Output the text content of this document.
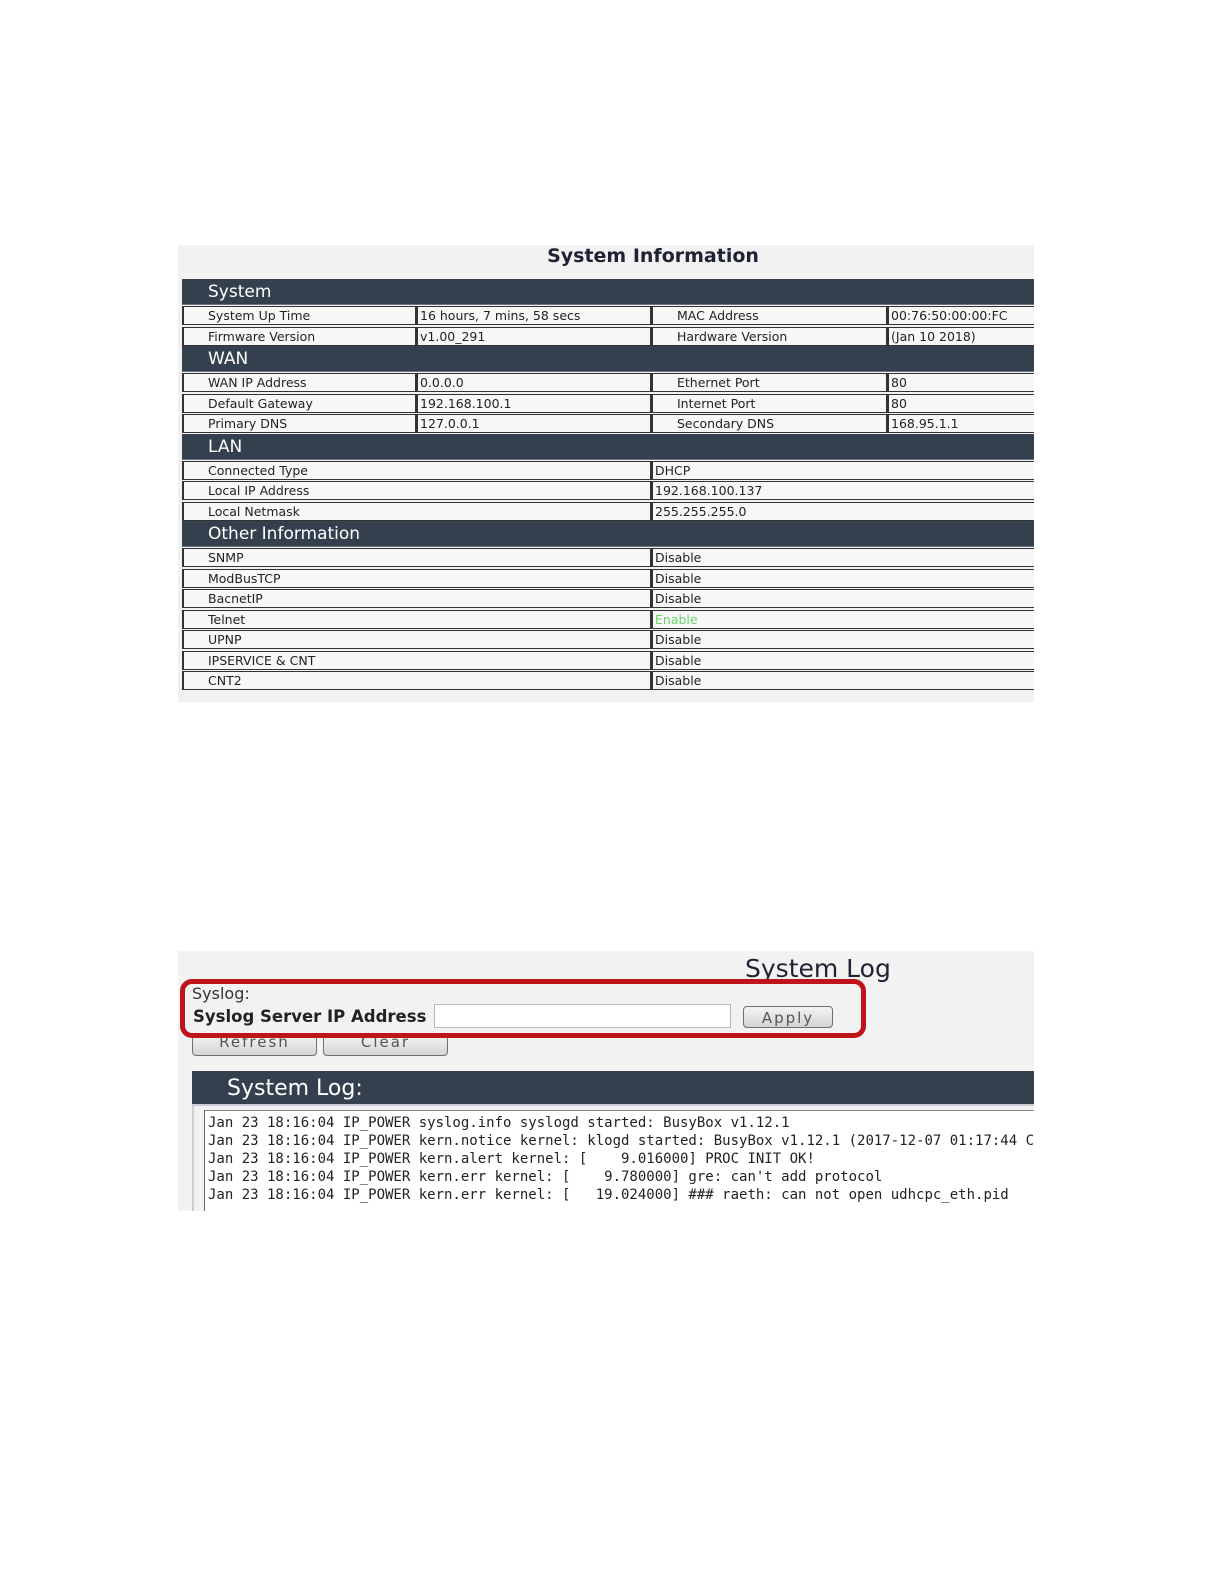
System Information
System
System Up Time	16 hours, 7 mins, 58 secs	MAC Address	00:76:50:00:00:FC
Firmware Version	v1.00_291	Hardware Version	(Jan 10 2018)
WAN
WAN IP Address	0.0.0.0	Ethernet Port	80
Default Gateway	192.168.100.1	Internet Port	80
Primary DNS	127.0.0.1	Secondary DNS	168.95.1.1
LAN
Connected Type	DHCP
Local IP Address	192.168.100.137
Local Netmask	255.255.255.0
Other Information
SNMP	Disable
ModBusTCP	Disable
BacnetIP	Disable
Telnet	Enable
UPNP	Disable
IPSERVICE & CNT	Disable
CNT2	Disable
System Log
Syslog:
Syslog Server IP Address	Apply
Refresh	Clear
System Log:
Jan 23 18:16:04 IP_POWER syslog.info syslogd started: BusyBox v1.12.1
Jan 23 18:16:04 IP_POWER kern.notice kernel: klogd started: BusyBox v1.12.1 (2017-12-07 01:17:44 C
Jan 23 18:16:04 IP_POWER kern.alert kernel: [    9.016000] PROC INIT OK!
Jan 23 18:16:04 IP_POWER kern.err kernel: [    9.780000] gre: can't add protocol
Jan 23 18:16:04 IP_POWER kern.err kernel: [   19.024000] ### raeth: can not open udhcpc_eth.pid
